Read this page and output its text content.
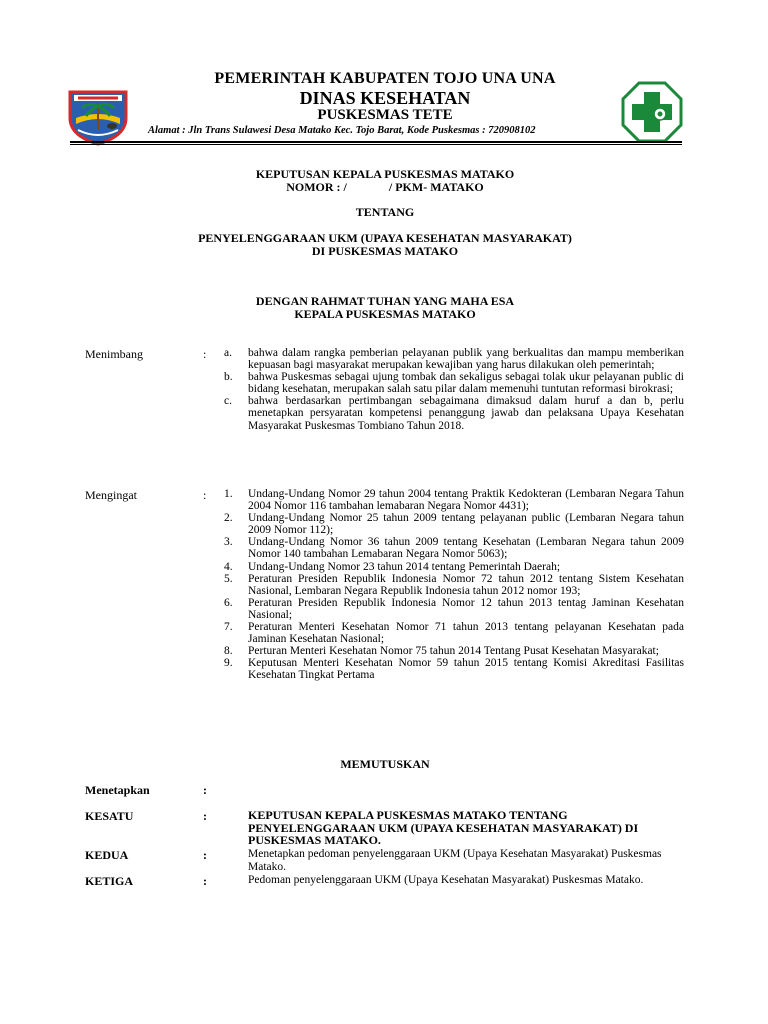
PEMERINTAH KABUPATEN TOJO UNA UNA
DINAS KESEHATAN
PUSKESMAS TETE
Alamat : Jln Trans Sulawesi Desa Matako Kec. Tojo Barat, Kode Puskesmas : 720908102
KEPUTUSAN KEPALA PUSKESMAS MATAKO
NOMOR : /              / PKM- MATAKO
TENTANG
PENYELENGGARAAN UKM (UPAYA KESEHATAN MASYARAKAT)
DI PUSKESMAS MATAKO
DENGAN RAHMAT TUHAN YANG MAHA ESA
KEPALA PUSKESMAS MATAKO
Menimbang	: a. bahwa dalam rangka pemberian pelayanan publik yang berkualitas dan mampu memberikan kepuasan bagi masyarakat merupakan kewajiban yang harus dilakukan oleh pemerintah;
b. bahwa Puskesmas sebagai ujung tombak dan sekaligus sebagai tolak ukur pelayanan public di bidang kesehatan, merupakan salah satu pilar dalam memenuhi tuntutan reformasi birokrasi;
c. bahwa berdasarkan pertimbangan sebagaimana dimaksud dalam huruf a dan b, perlu menetapkan persyaratan kompetensi penanggung jawab dan pelaksana Upaya Kesehatan Masyarakat Puskesmas Tombiano Tahun 2018.
Mengingat	: 1. Undang-Undang Nomor 29 tahun 2004 tentang Praktik Kedokteran (Lembaran Negara Tahun 2004 Nomor 116 tambahan lemabaran Negara Nomor 4431);
2. Undang-Undang Nomor 25 tahun 2009 tentang pelayanan public (Lembaran Negara tahun 2009 Nomor 112);
3. Undang-Undang Nomor 36 tahun 2009 tentang Kesehatan (Lembaran Negara tahun 2009 Nomor 140 tambahan Lemabaran Negara Nomor 5063);
4. Undang-Undang Nomor 23 tahun 2014 tentang Pemerintah Daerah;
5. Peraturan Presiden Republik Indonesia Nomor 72 tahun 2012 tentang Sistem Kesehatan Nasional, Lembaran Negara Republik Indonesia tahun 2012 nomor 193;
6. Peraturan Presiden Republik Indonesia Nomor 12 tahun 2013 tentag Jaminan Kesehatan Nasional;
7. Peraturan Menteri Kesehatan Nomor 71 tahun 2013 tentang pelayanan Kesehatan pada Jaminan Kesehatan Nasional;
8. Perturan Menteri Kesehatan Nomor 75 tahun 2014 Tentang Pusat Kesehatan Masyarakat;
9. Keputusan Menteri Kesehatan Nomor 59 tahun 2015 tentang Komisi Akreditasi Fasilitas Kesehatan Tingkat Pertama
MEMUTUSKAN
Menetapkan	:
KESATU	:	KEPUTUSAN KEPALA PUSKESMAS MATAKO TENTANG PENYELENGGARAAN UKM (UPAYA KESEHATAN MASYARAKAT) DI PUSKESMAS MATAKO.
KEDUA	:	Menetapkan pedoman penyelenggaraan UKM (Upaya Kesehatan Masyarakat) Puskesmas Matako.
KETIGA	:	Pedoman penyelenggaraan UKM (Upaya Kesehatan Masyarakat) Puskesmas Matako.
